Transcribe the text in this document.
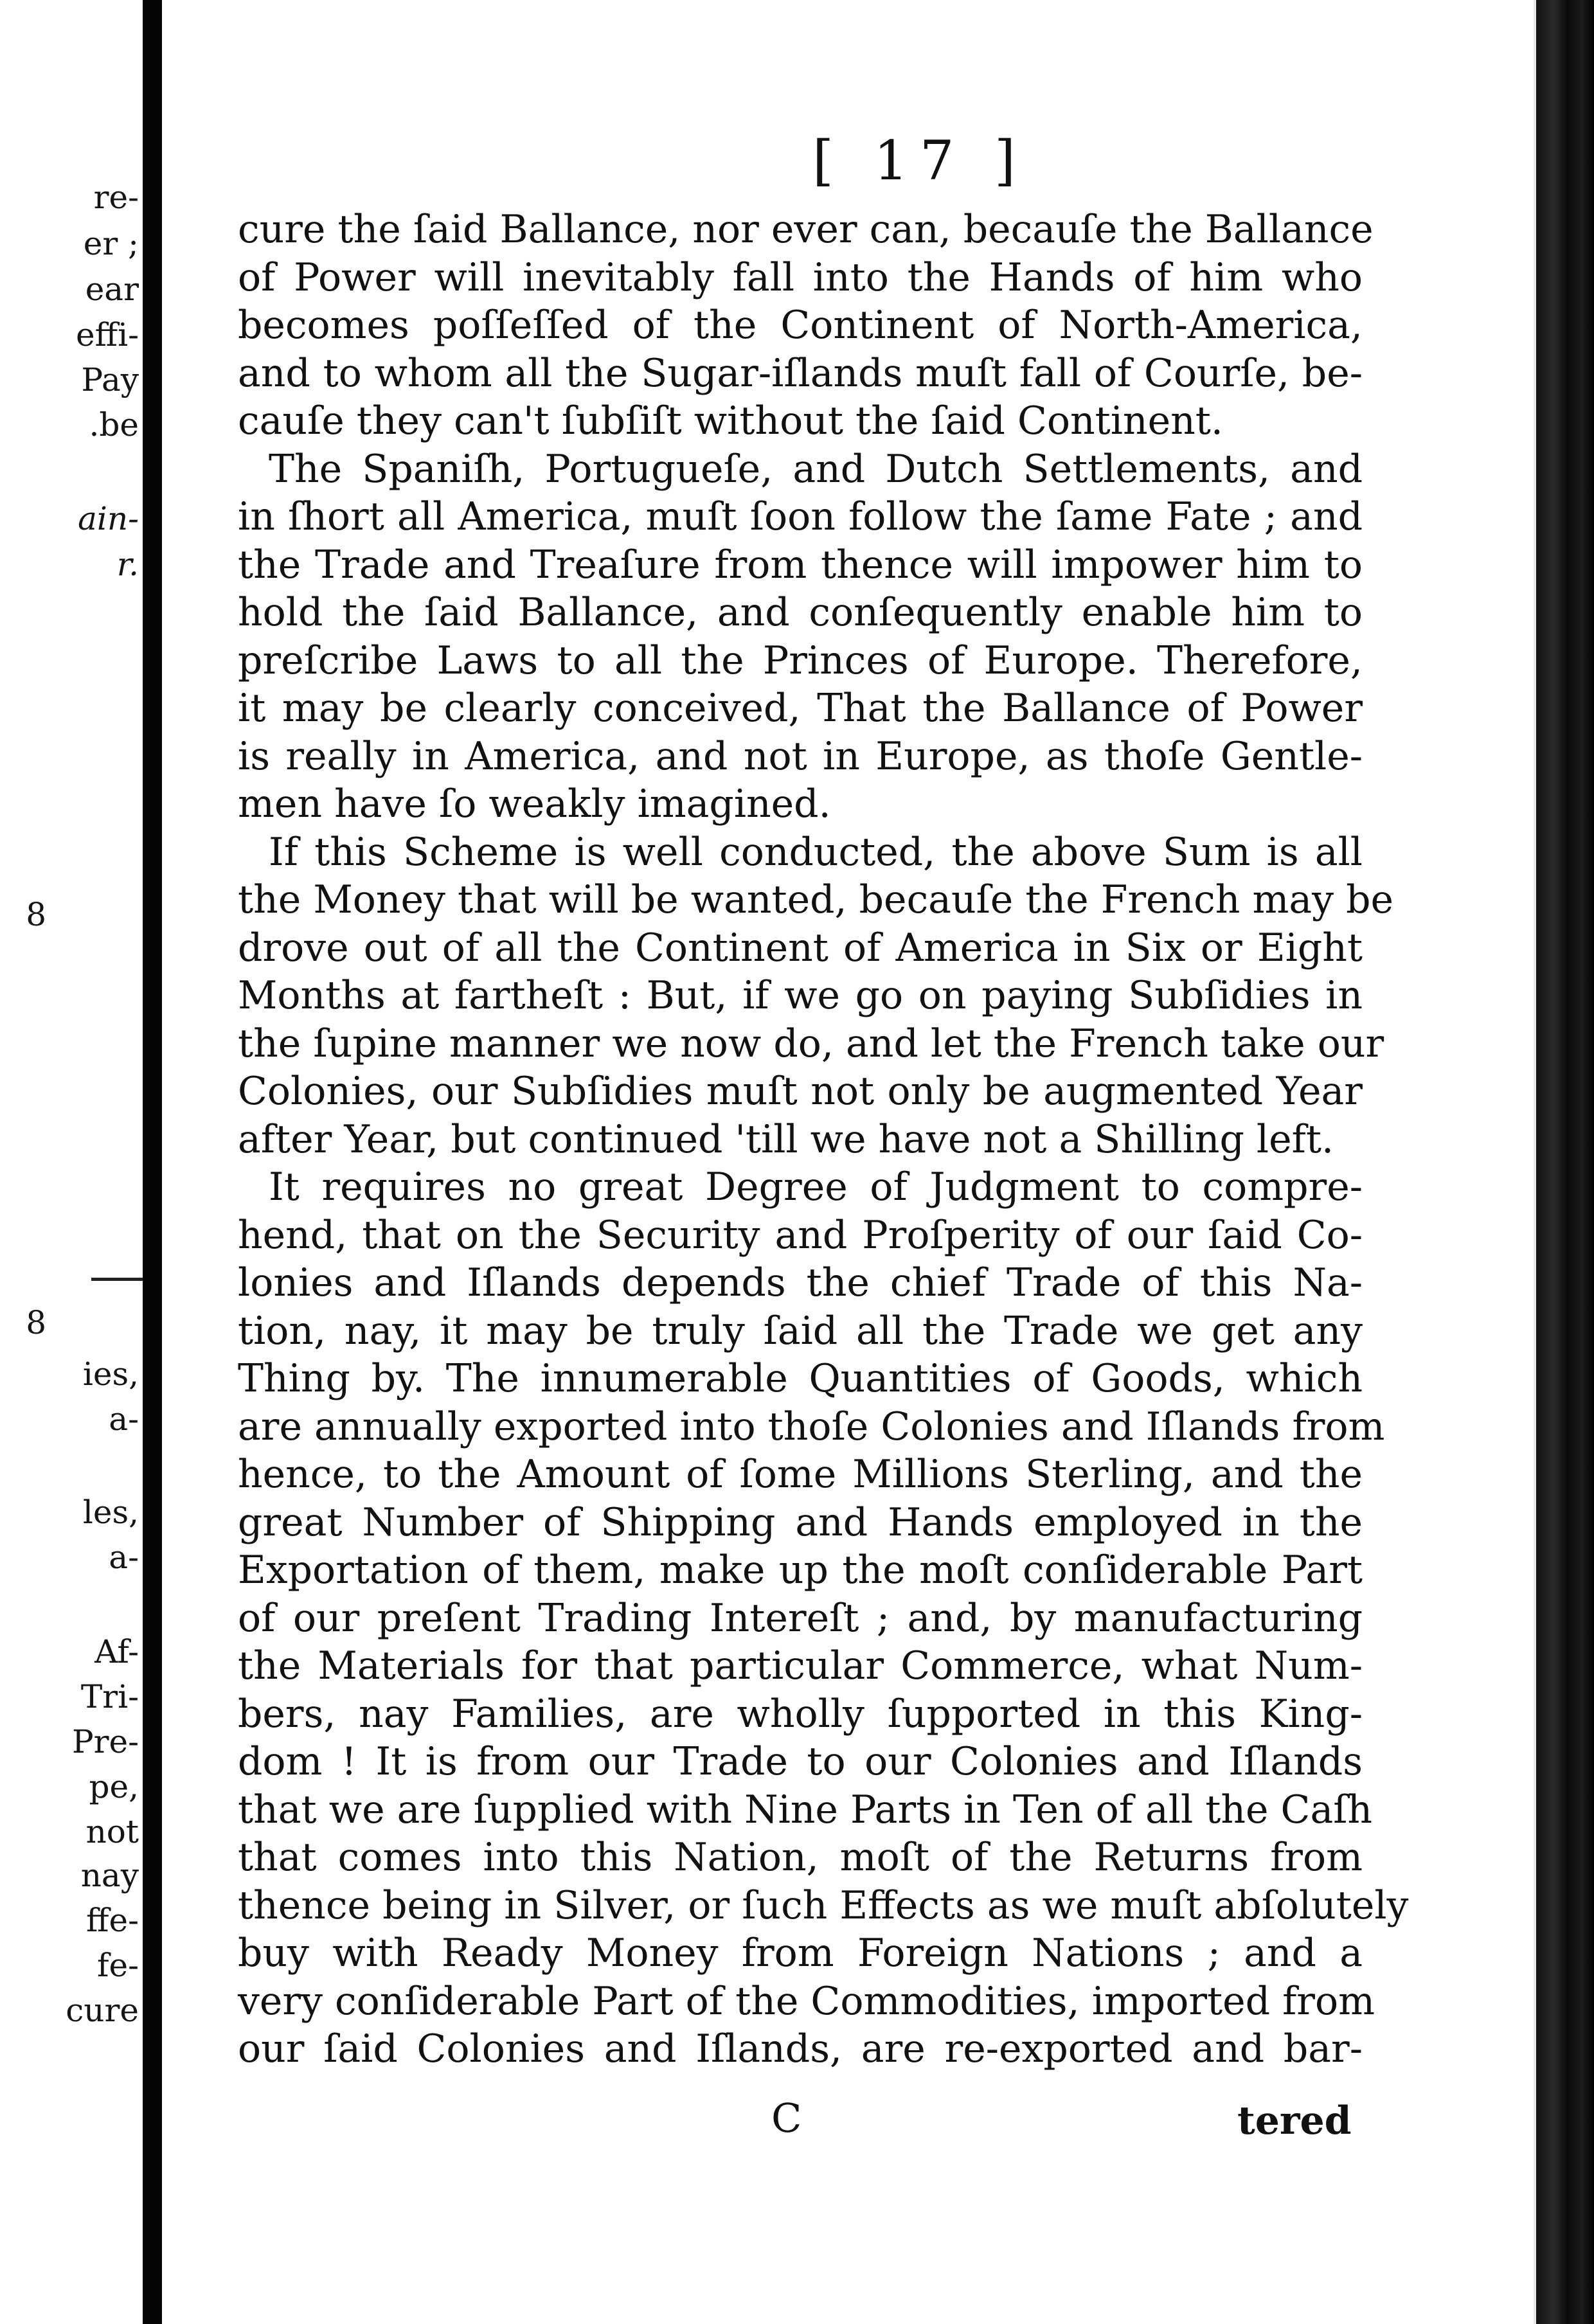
re-
er ;
ear
effi-
Pay
.be
ain-
r.
8
8
ies,
a-
les,
a-
Af-
Tri-
Pre-
pe,
not
nay
ffe-
fe-
cure
[ 17 ]
cure the ſaid Ballance, nor ever can, becauſe the Ballance
of Power will inevitably fall into the Hands of him who
becomes poſſeſſed of the Continent of North-America,
and to whom all the Sugar-iſlands muſt fall of Courſe, be-
cauſe they can't ſubſiſt without the ſaid Continent.
The Spaniſh, Portugueſe, and Dutch Settlements, and
in ſhort all America, muſt ſoon follow the ſame Fate ; and
the Trade and Treaſure from thence will impower him to
hold the ſaid Ballance, and conſequently enable him to
preſcribe Laws to all the Princes of Europe. Therefore,
it may be clearly conceived, That the Ballance of Power
is really in America, and not in Europe, as thoſe Gentle-
men have ſo weakly imagined.
If this Scheme is well conducted, the above Sum is all
the Money that will be wanted, becauſe the French may be
drove out of all the Continent of America in Six or Eight
Months at fartheſt : But, if we go on paying Subſidies in
the ſupine manner we now do, and let the French take our
Colonies, our Subſidies muſt not only be augmented Year
after Year, but continued 'till we have not a Shilling left.
It requires no great Degree of Judgment to compre-
hend, that on the Security and Proſperity of our ſaid Co-
lonies and Iſlands depends the chief Trade of this Na-
tion, nay, it may be truly ſaid all the Trade we get any
Thing by. The innumerable Quantities of Goods, which
are annually exported into thoſe Colonies and Iſlands from
hence, to the Amount of ſome Millions Sterling, and the
great Number of Shipping and Hands employed in the
Exportation of them, make up the moſt conſiderable Part
of our preſent Trading Intereſt ; and, by manufacturing
the Materials for that particular Commerce, what Num-
bers, nay Families, are wholly ſupported in this King-
dom ! It is from our Trade to our Colonies and Iſlands
that we are ſupplied with Nine Parts in Ten of all the Caſh
that comes into this Nation, moſt of the Returns from
thence being in Silver, or ſuch Effects as we muſt abſolutely
buy with Ready Money from Foreign Nations ; and a
very conſiderable Part of the Commodities, imported from
our ſaid Colonies and Iſlands, are re-exported and bar-
C	tered
